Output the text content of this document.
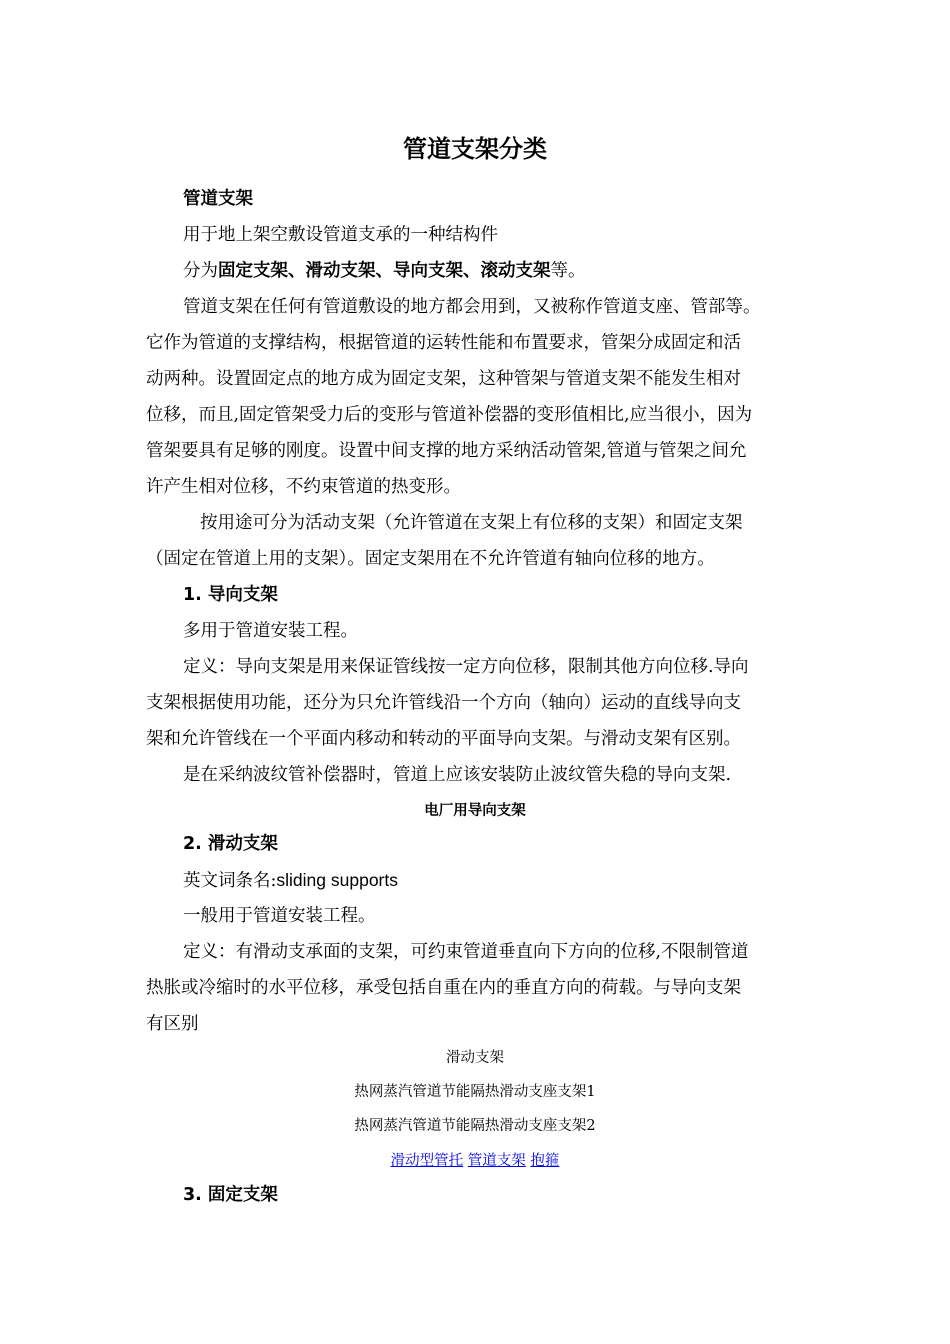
管道支架分类
管道支架
用于地上架空敷设管道支承的一种结构件
分为固定支架、滑动支架、导向支架、滚动支架等。
管道支架在任何有管道敷设的地方都会用到，又被称作管道支座、管部等。
它作为管道的支撑结构，根据管道的运转性能和布置要求，管架分成固定和活
动两种。设置固定点的地方成为固定支架，这种管架与管道支架不能发生相对
位移，而且,固定管架受力后的变形与管道补偿器的变形值相比,应当很小，因为
管架要具有足够的刚度。设置中间支撑的地方采纳活动管架,管道与管架之间允
许产生相对位移，不约束管道的热变形。
按用途可分为活动支架（允许管道在支架上有位移的支架）和固定支架
（固定在管道上用的支架）。固定支架用在不允许管道有轴向位移的地方。
1. 导向支架
多用于管道安装工程。
定义：导向支架是用来保证管线按一定方向位移，限制其他方向位移.导向
支架根据使用功能，还分为只允许管线沿一个方向（轴向）运动的直线导向支
架和允许管线在一个平面内移动和转动的平面导向支架。与滑动支架有区别。
是在采纳波纹管补偿器时，管道上应该安装防止波纹管失稳的导向支架.
电厂用导向支架
2. 滑动支架
英文词条名:sliding supports
一般用于管道安装工程。
定义：有滑动支承面的支架，可约束管道垂直向下方向的位移,不限制管道
热胀或冷缩时的水平位移，承受包括自重在内的垂直方向的荷载。与导向支架
有区别
滑动支架
热网蒸汽管道节能隔热滑动支座支架1
热网蒸汽管道节能隔热滑动支座支架2
滑动型管托 管道支架 抱箍
3. 固定支架
